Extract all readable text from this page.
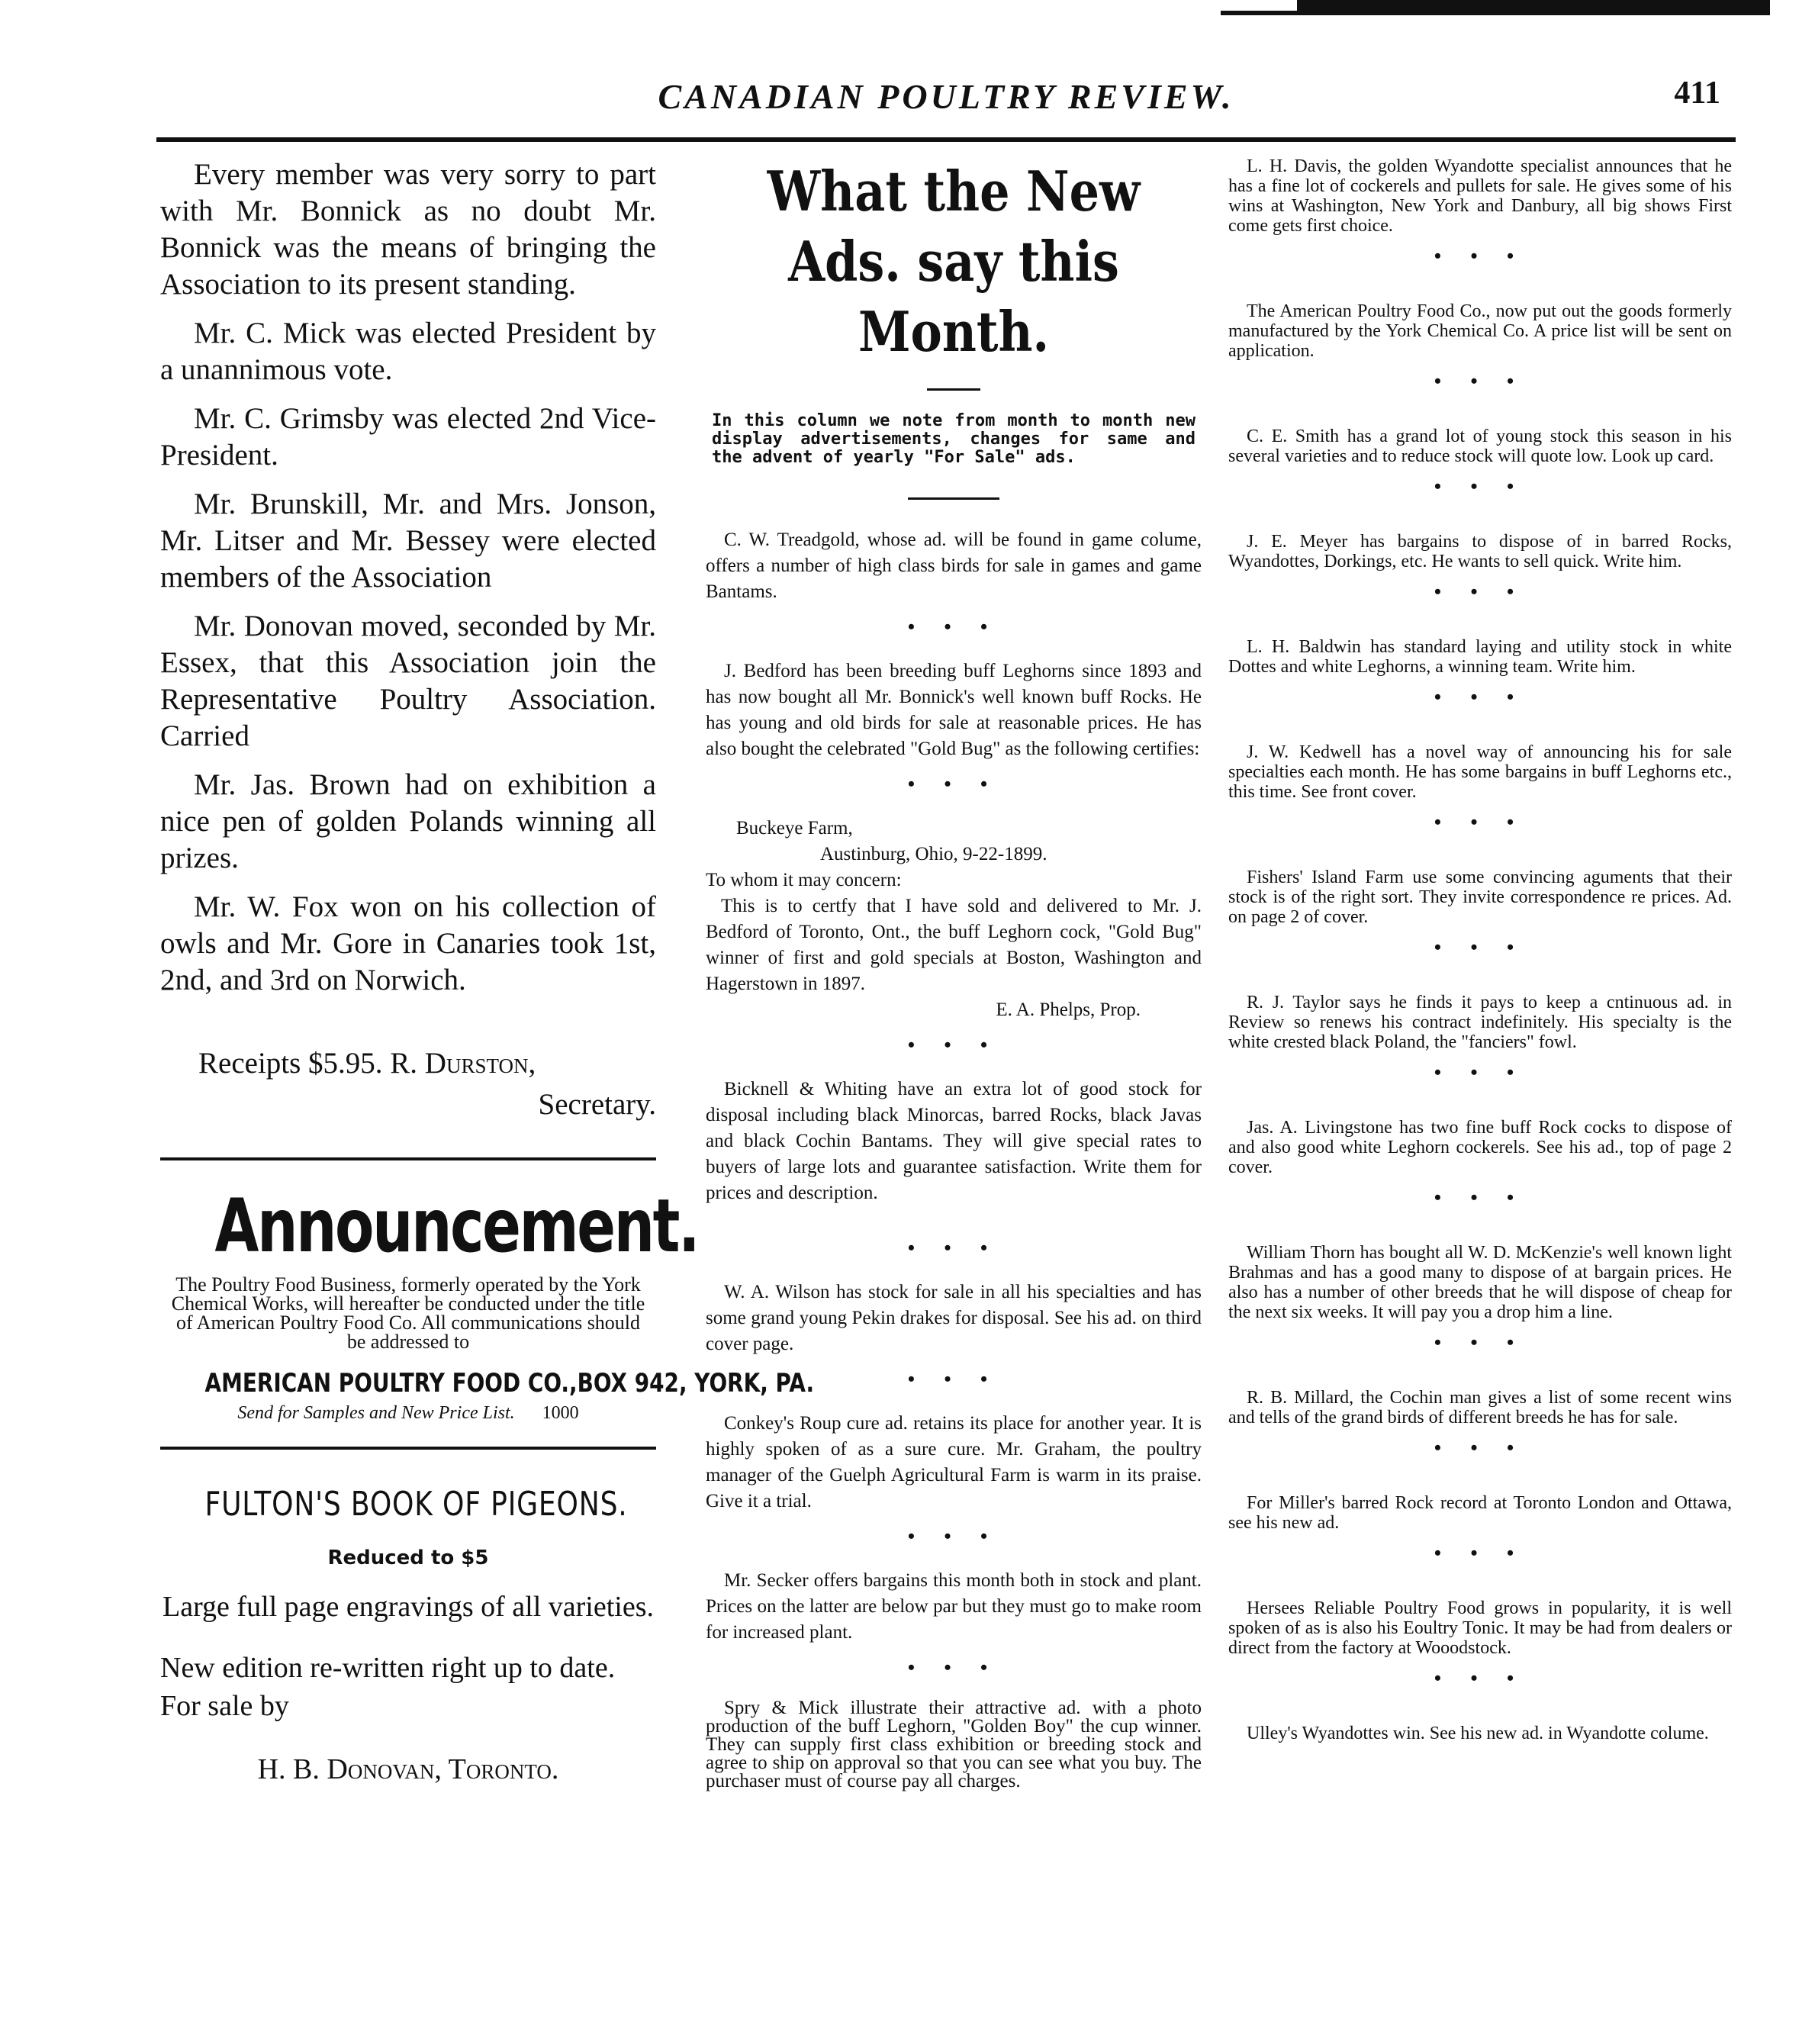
CANADIAN POULTRY REVIEW.	411

Every member was very sorry to part with Mr. Bonnick as no doubt Mr. Bonnick was the means of bringing the Association to its present standing.

Mr. C. Mick was elected President by a unannimous vote.

Mr. C. Grimsby was elected 2nd Vice-President.

Mr. Brunskill, Mr. and Mrs. Jonson, Mr. Litser and Mr. Bessey were elected members of the Association

Mr. Donovan moved, seconded by Mr. Essex, that this Association join the Representative Poultry Association. Carried

Mr. Jas. Brown had on exhibition a nice pen of golden Polands winning all prizes.

Mr. W. Fox won on his collection of owls and Mr. Gore in Canaries took 1st, 2nd, and 3rd on Norwich.

Receipts $5.95. R. Durston,
Secretary.
Announcement.
The Poultry Food Business, formerly operated by the York Chemical Works, will hereafter be conducted under the title of American Poultry Food Co. All communications should be addressed to
AMERICAN POULTRY FOOD CO.,BOX 942, YORK, PA.
Send for Samples and New Price List. 1000
FULTON'S BOOK OF PIGEONS.
Reduced to $5
Large full page engravings of all varieties.
New edition re-written right up to date. For sale by
H. B. Donovan, Toronto.
What the New Ads. say this Month.

In this column we note from month to month new display advertisements, changes for same and the advent of yearly "For Sale" ads.

C. W. Treadgold, whose ad. will be found in game colume, offers a number of high class birds for sale in games and game Bantams.

• • •

J. Bedford has been breeding buff Leghorns since 1893 and has now bought all Mr. Bonnick's well known buff Rocks. He has young and old birds for sale at reasonable prices. He has also bought the celebrated "Gold Bug" as the following certifies:

• • •
Buckeye Farm,
Austinburg, Ohio, 9-22-1899.
To whom it may concern:
This is to certfy that I have sold and delivered to Mr. J. Bedford of Toronto, Ont., the buff Leghorn cock, "Gold Bug" winner of first and gold specials at Boston, Washington and Hagerstown in 1897.
E. A. Phelps, Prop.
• • •

Bicknell & Whiting have an extra lot of good stock for disposal including black Minorcas, barred Rocks, black Javas and black Cochin Bantams. They will give special rates to buyers of large lots and guarantee satisfaction. Write them for prices and description.

• • •

W. A. Wilson has stock for sale in all his specialties and has some grand young Pekin drakes for disposal. See his ad. on third cover page.

• • •

Conkey's Roup cure ad. retains its place for another year. It is highly spoken of as a sure cure. Mr. Graham, the poultry manager of the Guelph Agricultural Farm is warm in its praise. Give it a trial.

• • •

Mr. Secker offers bargains this month both in stock and plant. Prices on the latter are below par but they must go to make room for increased plant.

• • •

Spry & Mick illustrate their attractive ad. with a photo production of the buff Leghorn, "Golden Boy" the cup winner. They can supply first class exhibition or breeding stock and agree to ship on approval so that you can see what you buy. The purchaser must of course pay all charges.

L. H. Davis, the golden Wyandotte specialist announces that he has a fine lot of cockerels and pullets for sale. He gives some of his wins at Washington, New York and Danbury, all big shows First come gets first choice.

• • •

The American Poultry Food Co., now put out the goods formerly manufactured by the York Chemical Co. A price list will be sent on application.

• • •

C. E. Smith has a grand lot of young stock this season in his several varieties and to reduce stock will quote low. Look up card.

• • •

J. E. Meyer has bargains to dispose of in barred Rocks, Wyandottes, Dorkings, etc. He wants to sell quick. Write him.

• • •

L. H. Baldwin has standard laying and utility stock in white Dottes and white Leghorns, a winning team. Write him.

• • •

J. W. Kedwell has a novel way of announcing his for sale specialties each month. He has some bargains in buff Leghorns etc., this time. See front cover.

• • •

Fishers' Island Farm use some convincing aguments that their stock is of the right sort. They invite correspondence re prices. Ad. on page 2 of cover.

• • •

R. J. Taylor says he finds it pays to keep a cntinuous ad. in Review so renews his contract indefinitely. His specialty is the white crested black Poland, the "fanciers" fowl.

• • •

Jas. A. Livingstone has two fine buff Rock cocks to dispose of and also good white Leghorn cockerels. See his ad., top of page 2 cover.

• • •

William Thorn has bought all W. D. McKenzie's well known light Brahmas and has a good many to dispose of at bargain prices. He also has a number of other breeds that he will dispose of cheap for the next six weeks. It will pay you a drop him a line.

• • •

R. B. Millard, the Cochin man gives a list of some recent wins and tells of the grand birds of different breeds he has for sale.

• • •

For Miller's barred Rock record at Toronto London and Ottawa, see his new ad.

• • •

Hersees Reliable Poultry Food grows in popularity, it is well spoken of as is also his Eoultry Tonic. It may be had from dealers or direct from the factory at Wooodstock.

• • •

Ulley's Wyandottes win. See his new ad. in Wyandotte colume.
